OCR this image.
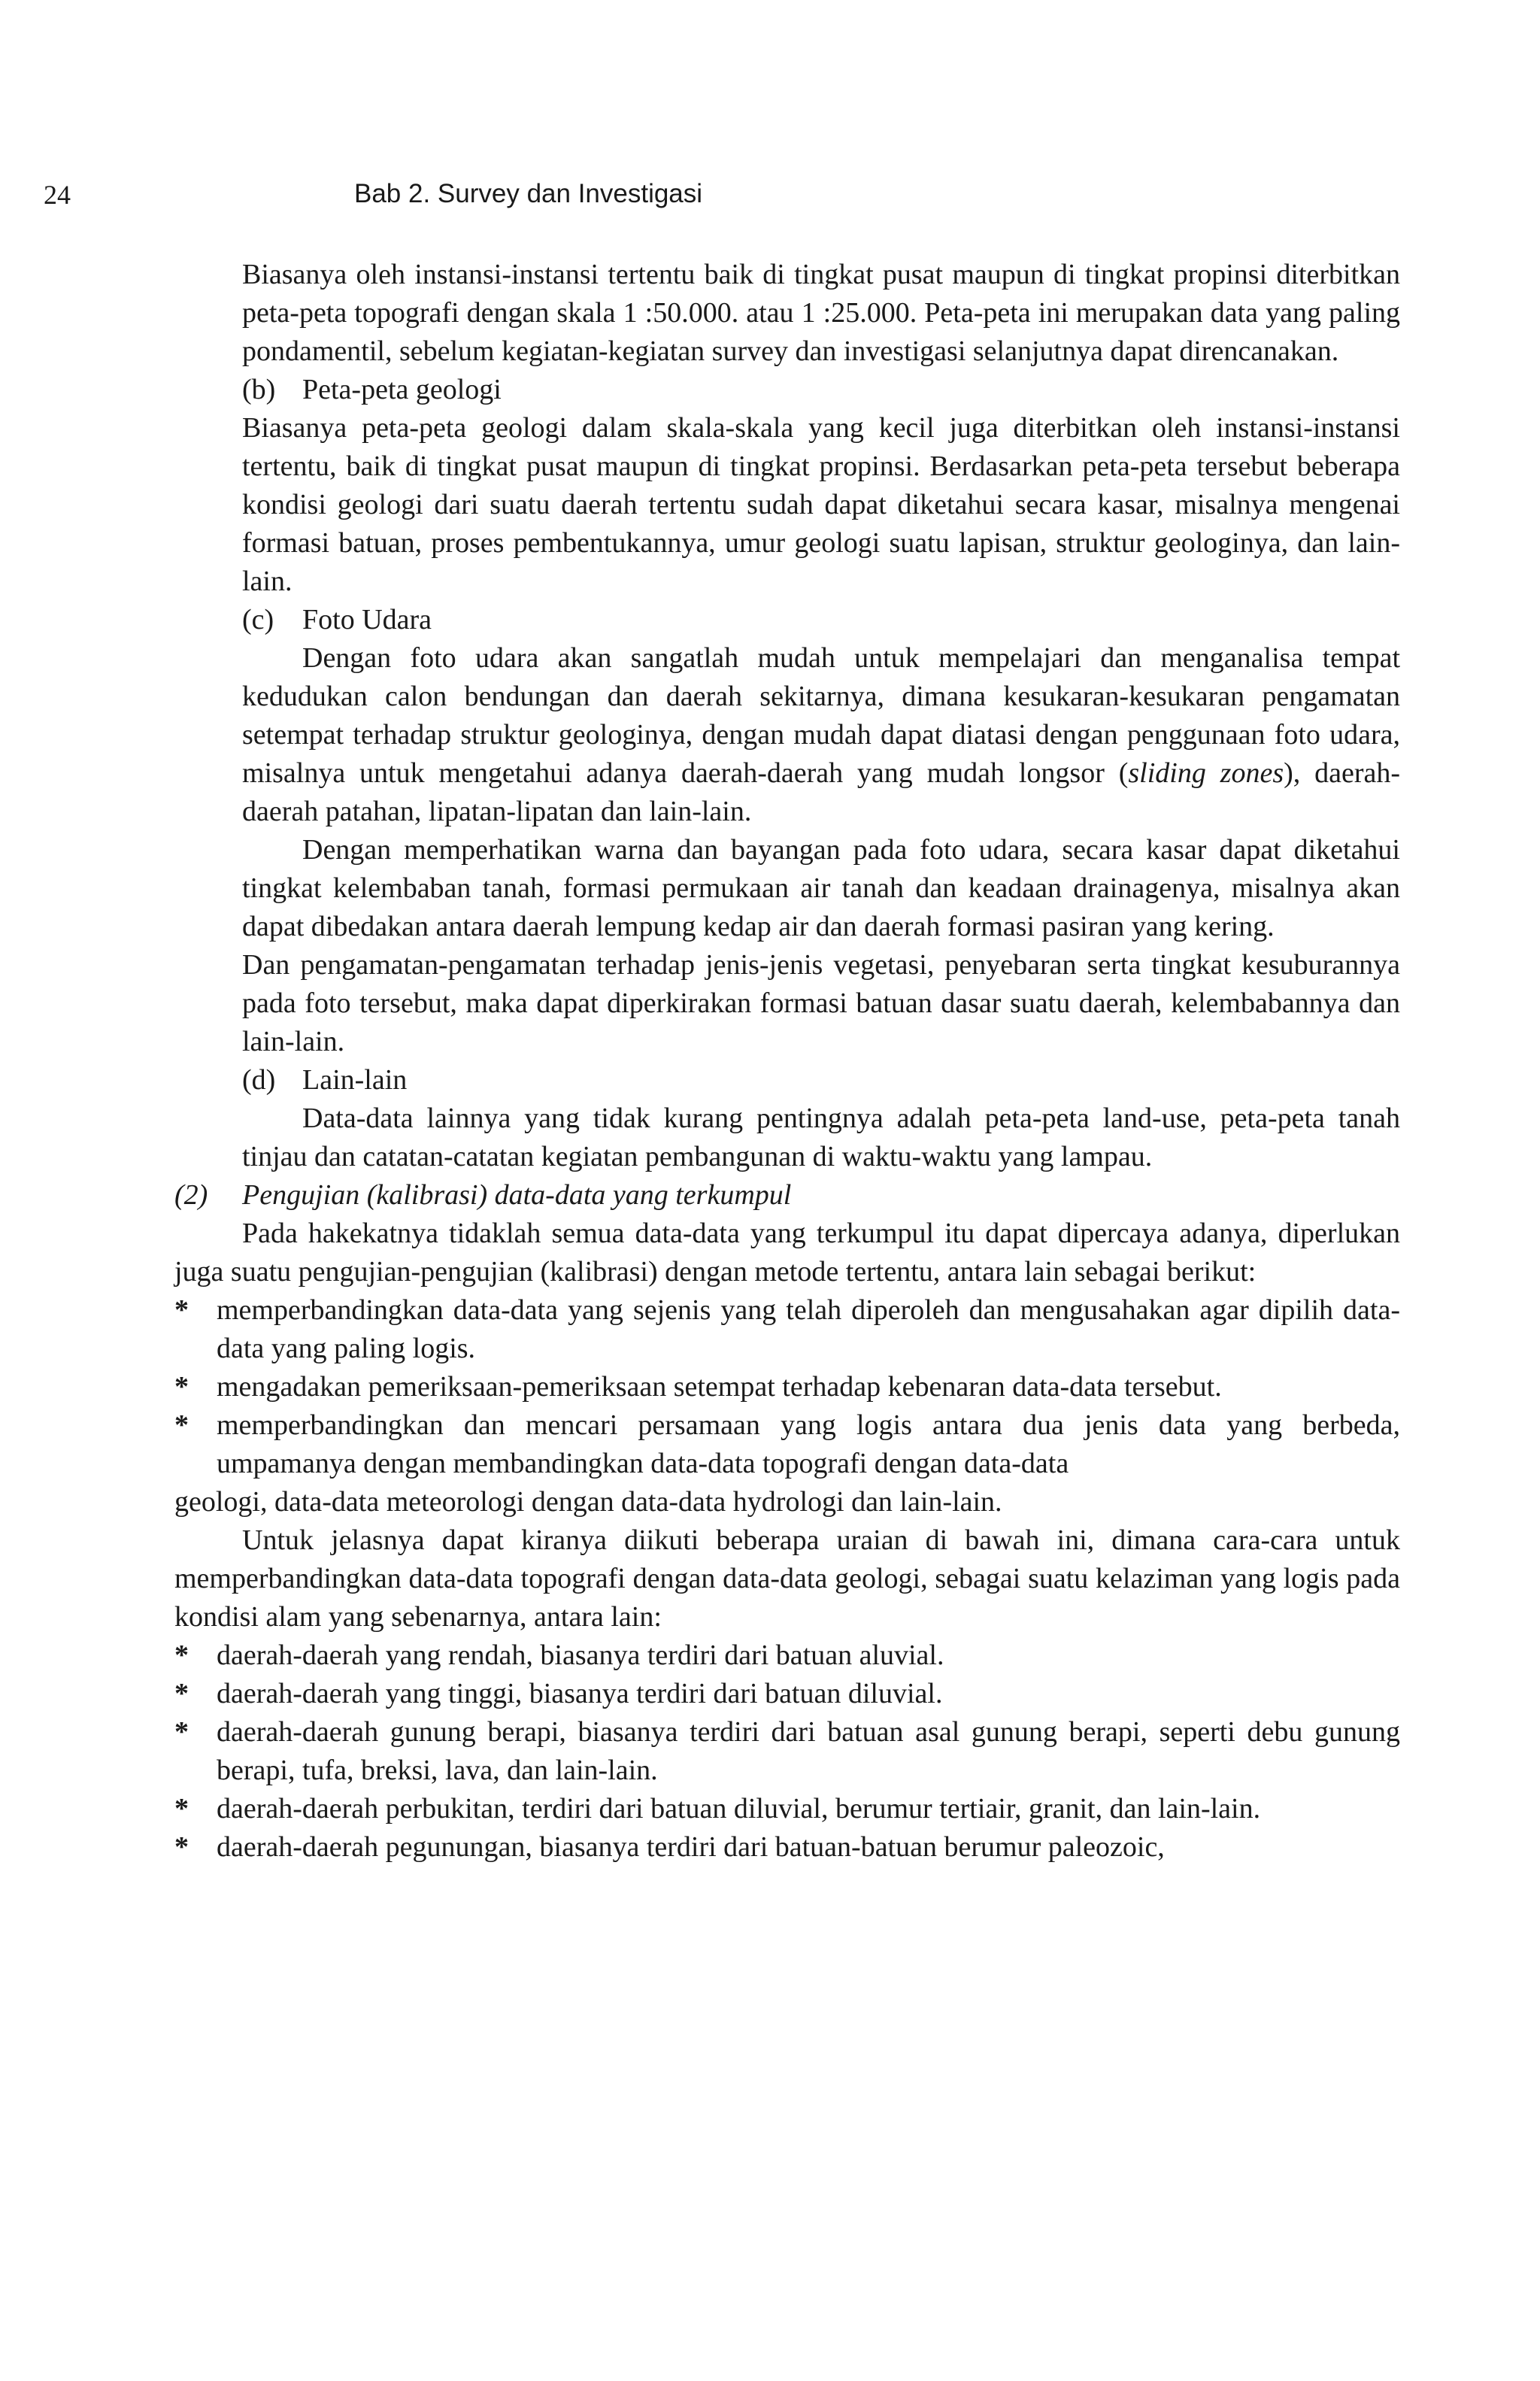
24	Bab 2. Survey dan Investigasi

Biasanya oleh instansi-instansi tertentu baik di tingkat pusat maupun di tingkat propinsi diterbitkan peta-peta topografi dengan skala 1 :50.000. atau 1 :25.000. Peta-peta ini merupakan data yang paling pondamentil, sebelum kegiatan-kegiatan survey dan investigasi selanjutnya dapat direncanakan.

(b) Peta-peta geologi

Biasanya peta-peta geologi dalam skala-skala yang kecil juga diterbitkan oleh instansi-instansi tertentu, baik di tingkat pusat maupun di tingkat propinsi. Berdasarkan peta-peta tersebut beberapa kondisi geologi dari suatu daerah tertentu sudah dapat diketahui secara kasar, misalnya mengenai formasi batuan, proses pembentukannya, umur geologi suatu lapisan, struktur geologinya, dan lain-lain.

(c) Foto Udara

Dengan foto udara akan sangatlah mudah untuk mempelajari dan menganalisa tempat kedudukan calon bendungan dan daerah sekitarnya, dimana kesukaran-kesukaran pengamatan setempat terhadap struktur geologinya, dengan mudah dapat diatasi dengan penggunaan foto udara, misalnya untuk mengetahui adanya daerah-daerah yang mudah longsor (sliding zones), daerah-daerah patahan, lipatan-lipatan dan lain-lain.

Dengan memperhatikan warna dan bayangan pada foto udara, secara kasar dapat diketahui tingkat kelembaban tanah, formasi permukaan air tanah dan keadaan drainagenya, misalnya akan dapat dibedakan antara daerah lempung kedap air dan daerah formasi pasiran yang kering.

Dan pengamatan-pengamatan terhadap jenis-jenis vegetasi, penyebaran serta tingkat kesuburannya pada foto tersebut, maka dapat diperkirakan formasi batuan dasar suatu daerah, kelembabannya dan lain-lain.

(d) Lain-lain

Data-data lainnya yang tidak kurang pentingnya adalah peta-peta land-use, peta-peta tanah tinjau dan catatan-catatan kegiatan pembangunan di waktu-waktu yang lampau.

(2) Pengujian (kalibrasi) data-data yang terkumpul

Pada hakekatnya tidaklah semua data-data yang terkumpul itu dapat dipercaya adanya, diperlukan juga suatu pengujian-pengujian (kalibrasi) dengan metode tertentu, antara lain sebagai berikut:

* memperbandingkan data-data yang sejenis yang telah diperoleh dan mengusahakan agar dipilih data-data yang paling logis.
* mengadakan pemeriksaan-pemeriksaan setempat terhadap kebenaran data-data tersebut.
* memperbandingkan dan mencari persamaan yang logis antara dua jenis data yang berbeda, umpamanya dengan membandingkan data-data topografi dengan data-data

geologi, data-data meteorologi dengan data-data hydrologi dan lain-lain.

Untuk jelasnya dapat kiranya diikuti beberapa uraian di bawah ini, dimana cara-cara untuk memperbandingkan data-data topografi dengan data-data geologi, sebagai suatu kelaziman yang logis pada kondisi alam yang sebenarnya, antara lain:

* daerah-daerah yang rendah, biasanya terdiri dari batuan aluvial.
* daerah-daerah yang tinggi, biasanya terdiri dari batuan diluvial.
* daerah-daerah gunung berapi, biasanya terdiri dari batuan asal gunung berapi, seperti debu gunung berapi, tufa, breksi, lava, dan lain-lain.
* daerah-daerah perbukitan, terdiri dari batuan diluvial, berumur tertiair, granit, dan lain-lain.
* daerah-daerah pegunungan, biasanya terdiri dari batuan-batuan berumur paleozoic,
